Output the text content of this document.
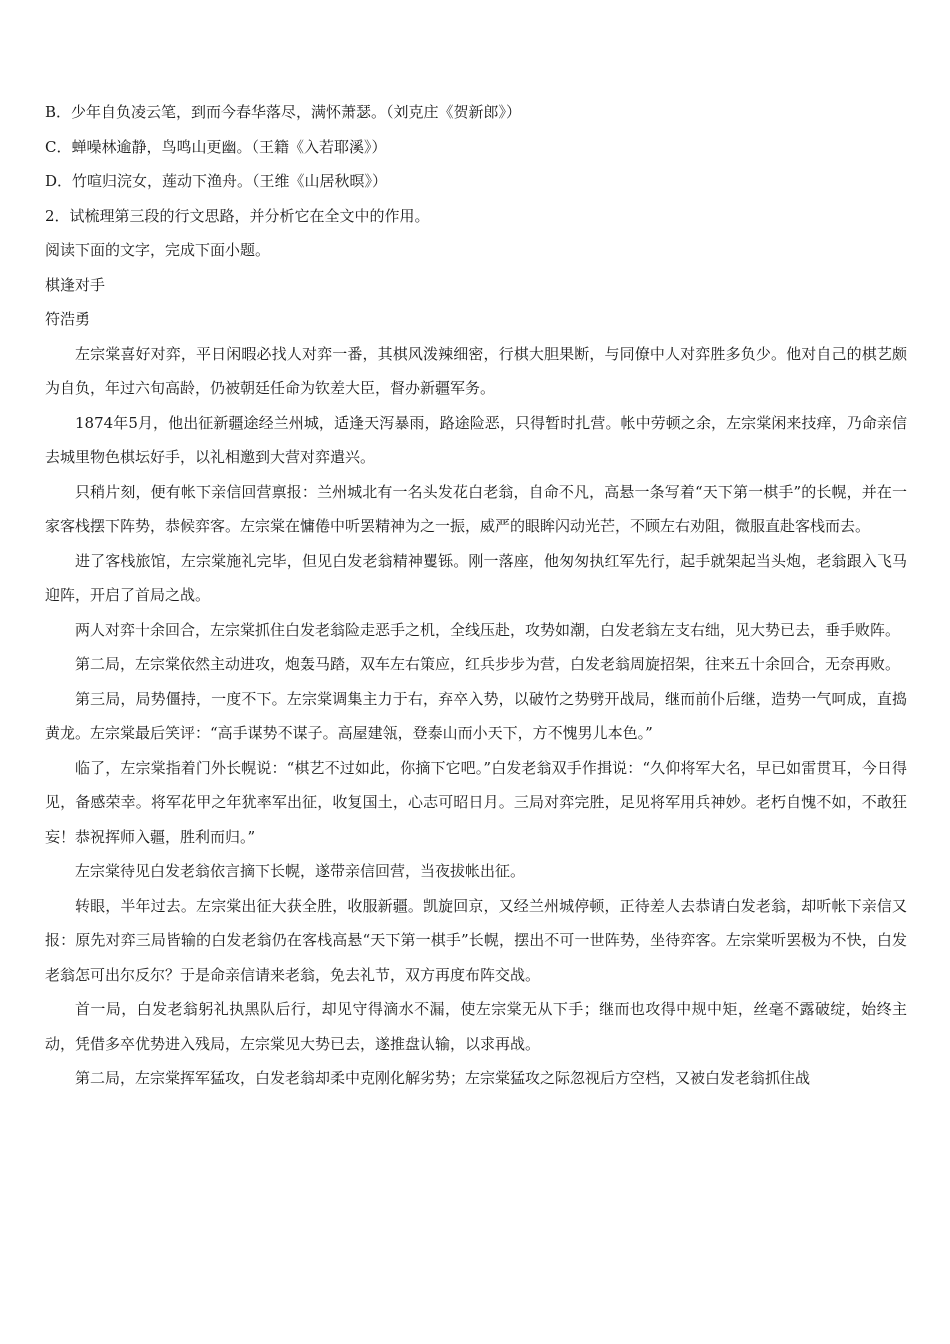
B．少年自负凌云笔，到而今春华落尽，满怀萧瑟。（刘克庄《贺新郎》）

C．蝉噪林逾静，鸟鸣山更幽。（王籍《入若耶溪》）

D．竹喧归浣女，莲动下渔舟。（王维《山居秋暝》）

2．试梳理第三段的行文思路，并分析它在全文中的作用。

阅读下面的文字，完成下面小题。

棋逢对手

符浩勇

左宗棠喜好对弈，平日闲暇必找人对弈一番，其棋风泼辣细密，行棋大胆果断，与同僚中人对弈胜多负少。他对自己的棋艺颇为自负，年过六旬高龄，仍被朝廷任命为钦差大臣，督办新疆军务。

1874年5月，他出征新疆途经兰州城，适逢天泻暴雨，路途险恶，只得暂时扎营。帐中劳顿之余，左宗棠闲来技痒，乃命亲信去城里物色棋坛好手，以礼相邀到大营对弈遣兴。

只稍片刻，便有帐下亲信回营禀报：兰州城北有一名头发花白老翁，自命不凡，高悬一条写着“天下第一棋手”的长幌，并在一家客栈摆下阵势，恭候弈客。左宗棠在慵倦中听罢精神为之一振，威严的眼眸闪动光芒，不顾左右劝阻，微服直赴客栈而去。

进了客栈旅馆，左宗棠施礼完毕，但见白发老翁精神矍铄。刚一落座，他匆匆执红军先行，起手就架起当头炮，老翁跟入飞马迎阵，开启了首局之战。

两人对弈十余回合，左宗棠抓住白发老翁险走恶手之机，全线压赴，攻势如潮，白发老翁左支右绌，见大势已去，垂手败阵。

第二局，左宗棠依然主动进攻，炮轰马踏，双车左右策应，红兵步步为营，白发老翁周旋招架，往来五十余回合，无奈再败。

第三局，局势僵持，一度不下。左宗棠调集主力于右，弃卒入势，以破竹之势劈开战局，继而前仆后继，造势一气呵成，直捣黄龙。左宗棠最后笑评：“高手谋势不谋子。高屋建瓴，登泰山而小天下，方不愧男儿本色。”

临了，左宗棠指着门外长幌说：“棋艺不过如此，你摘下它吧。”白发老翁双手作揖说：“久仰将军大名，早已如雷贯耳，今日得见，备感荣幸。将军花甲之年犹率军出征，收复国土，心志可昭日月。三局对弈完胜，足见将军用兵神妙。老朽自愧不如，不敢狂妄！恭祝挥师入疆，胜利而归。”

左宗棠待见白发老翁依言摘下长幌，遂带亲信回营，当夜拔帐出征。

转眼，半年过去。左宗棠出征大获全胜，收服新疆。凯旋回京，又经兰州城停顿，正待差人去恭请白发老翁，却听帐下亲信又报：原先对弈三局皆输的白发老翁仍在客栈高悬“天下第一棋手”长幌，摆出不可一世阵势，坐待弈客。左宗棠听罢极为不快，白发老翁怎可出尔反尔？于是命亲信请来老翁，免去礼节，双方再度布阵交战。

首一局，白发老翁躬礼执黑队后行，却见守得滴水不漏，使左宗棠无从下手；继而也攻得中规中矩，丝毫不露破绽，始终主动，凭借多卒优势进入残局，左宗棠见大势已去，遂推盘认输，以求再战。

第二局，左宗棠挥军猛攻，白发老翁却柔中克刚化解劣势；左宗棠猛攻之际忽视后方空档，又被白发老翁抓住战
